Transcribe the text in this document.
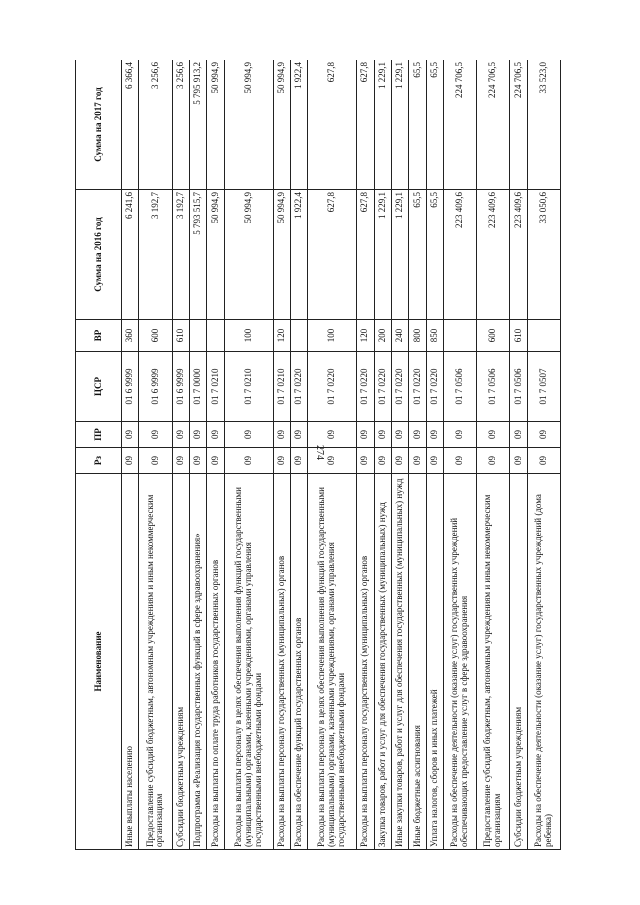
274
Наименование	Рз	ПР	ЦСР	ВР	Сумма на 2016 год	Сумма на 2017 год
Иные выплаты населению	09	09	01 6 9999	360	6 241,6	6 366,4
Предоставление субсидий бюджетным, автономным учреждениям и иным некоммерческим организациям	09	09	01 6 9999	600	3 192,7	3 256,6
Субсидии бюджетным учреждениям	09	09	01 6 9999	610	3 192,7	3 256,6
Подпрограмма «Реализация государственных функций в сфере здравоохранения»	09	09	01 7 0000		5 793 515,7	5 795 913,2
Расходы на выплаты по оплате труда работников государственных органов	09	09	01 7 0210		50 994,9	50 994,9
Расходы на выплаты персоналу в целях обеспечения выполнения функций государственными (муниципальными) органами, казенными учреждениями, органами управления государственными внебюджетными фондами	09	09	01 7 0210	100	50 994,9	50 994,9
Расходы на выплаты персоналу государственных (муниципальных) органов	09	09	01 7 0210	120	50 994,9	50 994,9
Расходы на обеспечение функций государственных органов	09	09	01 7 0220		1 922,4	1 922,4
Расходы на выплаты персоналу в целях обеспечения выполнения функций государственными (муниципальными) органами, казенными учреждениями, органами управления государственными внебюджетными фондами	09	09	01 7 0220	100	627,8	627,8
Расходы на выплаты персоналу государственных (муниципальных) органов	09	09	01 7 0220	120	627,8	627,8
Закупка товаров, работ и услуг для обеспечения государственных (муниципальных) нужд	09	09	01 7 0220	200	1 229,1	1 229,1
Иные закупки товаров, работ и услуг для обеспечения государственных (муниципальных) нужд	09	09	01 7 0220	240	1 229,1	1 229,1
Иные бюджетные ассигнования	09	09	01 7 0220	800	65,5	65,5
Уплата налогов, сборов и иных платежей	09	09	01 7 0220	850	65,5	65,5
Расходы на обеспечение деятельности (оказание услуг) государственных учреждений обеспечивающих предоставление услуг в сфере здравоохранения	09	09	01 7 0506		223 409,6	224 706,5
Предоставление субсидий бюджетным, автономным учреждениям и иным некоммерческим организациям	09	09	01 7 0506	600	223 409,6	224 706,5
Субсидии бюджетным учреждениям	09	09	01 7 0506	610	223 409,6	224 706,5
Расходы на обеспечение деятельности (оказание услуг) государственных учреждений (дома ребенка)	09	09	01 7 0507		33 050,6	33 523,0
